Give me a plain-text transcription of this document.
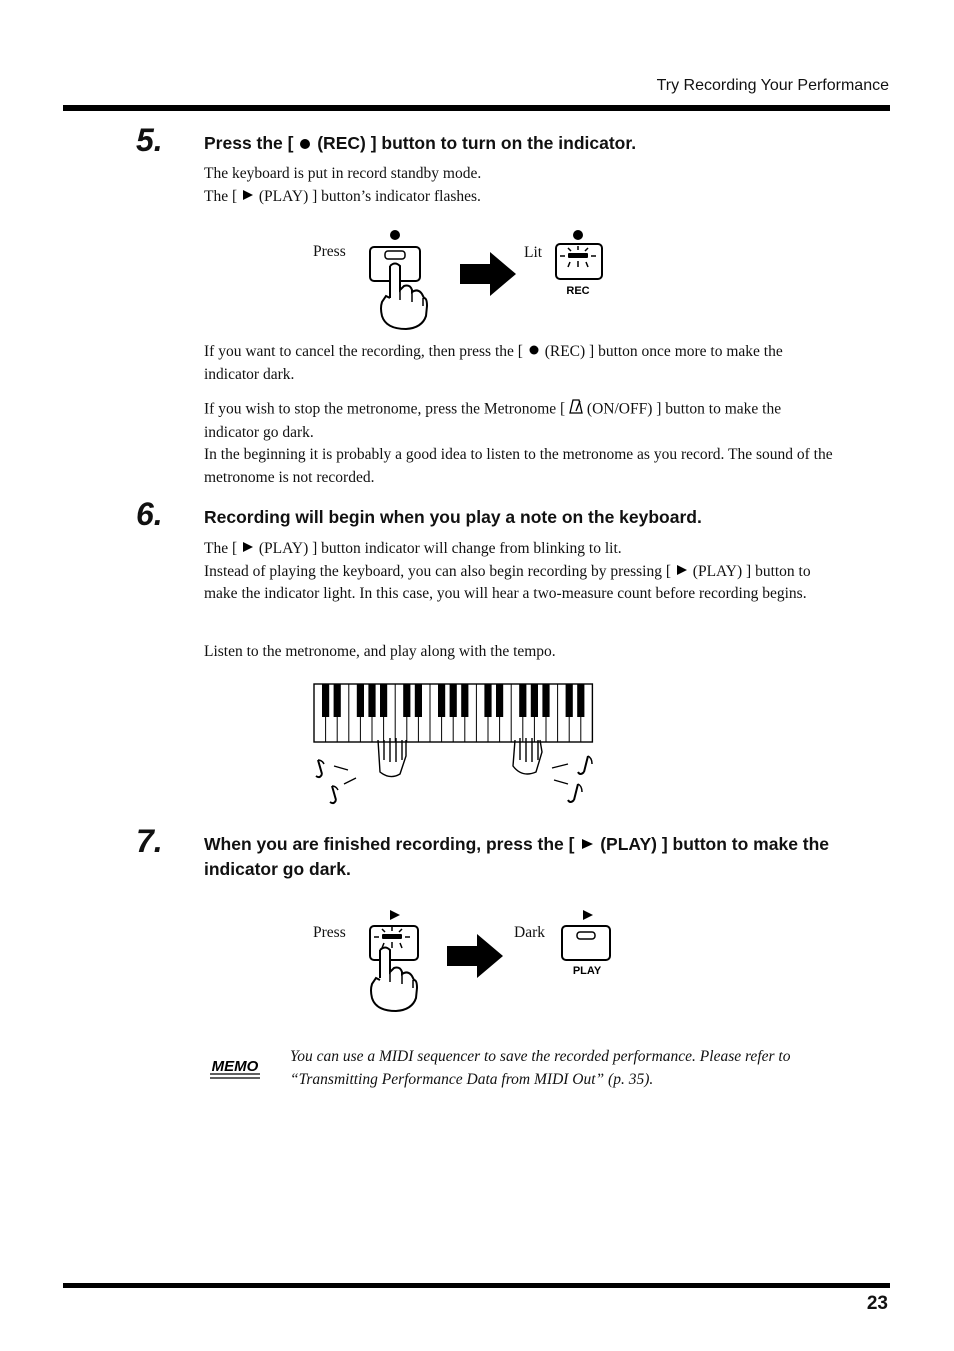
Try Recording Your Performance
5. Press the [ (REC) ] button to turn on the indicator.
The keyboard is put in record standby mode.
The [ (PLAY) ] button’s indicator flashes.
Press	Lit
REC
If you want to cancel the recording, then press the [ (REC) ] button once more to make the indicator dark.
If you wish to stop the metronome, press the Metronome [ (ON/OFF) ] button to make the indicator go dark.
In the beginning it is probably a good idea to listen to the metronome as you record. The sound of the metronome is not recorded.
6. Recording will begin when you play a note on the keyboard.
The [ (PLAY) ] button indicator will change from blinking to lit.
Instead of playing the keyboard, you can also begin recording by pressing [ (PLAY) ] button to make the indicator light. In this case, you will hear a two-measure count before recording begins.
Listen to the metronome, and play along with the tempo.
7. When you are finished recording, press the [ (PLAY) ] button to make the indicator go dark.
Press	Dark
PLAY
MEMO
You can use a MIDI sequencer to save the recorded performance. Please refer to “Transmitting Performance Data from MIDI Out” (p. 35).
23
